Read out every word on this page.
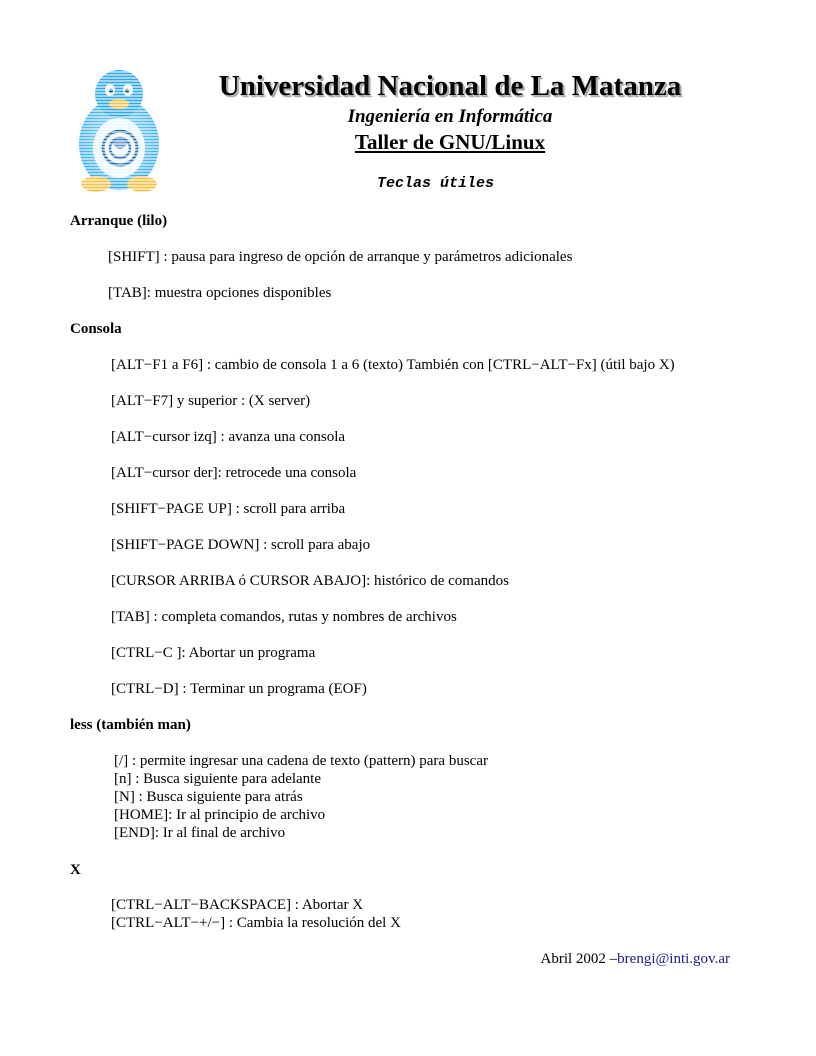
Universidad Nacional de La Matanza
Ingeniería en Informática
Taller de GNU/Linux
Teclas útiles
Arranque (lilo)
[SHIFT] : pausa para ingreso de opción de arranque y parámetros adicionales
[TAB]: muestra opciones disponibles
Consola
[ALT−F1 a F6] : cambio de consola 1 a 6 (texto) También con [CTRL−ALT−Fx] (útil bajo X)
[ALT−F7] y superior : (X server)
[ALT−cursor izq] : avanza una consola
[ALT−cursor der]: retrocede una consola
[SHIFT−PAGE UP] : scroll para arriba
[SHIFT−PAGE DOWN] : scroll para abajo
[CURSOR ARRIBA ó CURSOR ABAJO]: histórico de comandos
[TAB] : completa comandos, rutas y nombres de archivos
[CTRL−C ]: Abortar un programa
[CTRL−D] : Terminar un programa (EOF)
less (también man)
[/] : permite ingresar una cadena de texto (pattern) para buscar
[n] : Busca siguiente para adelante
[N] : Busca siguiente para atrás
[HOME]: Ir al principio de archivo
[END]: Ir al final de archivo
X
[CTRL−ALT−BACKSPACE] : Abortar X
[CTRL−ALT−+/−] : Cambia la resolución del X
Abril 2002 –brengi@inti.gov.ar
